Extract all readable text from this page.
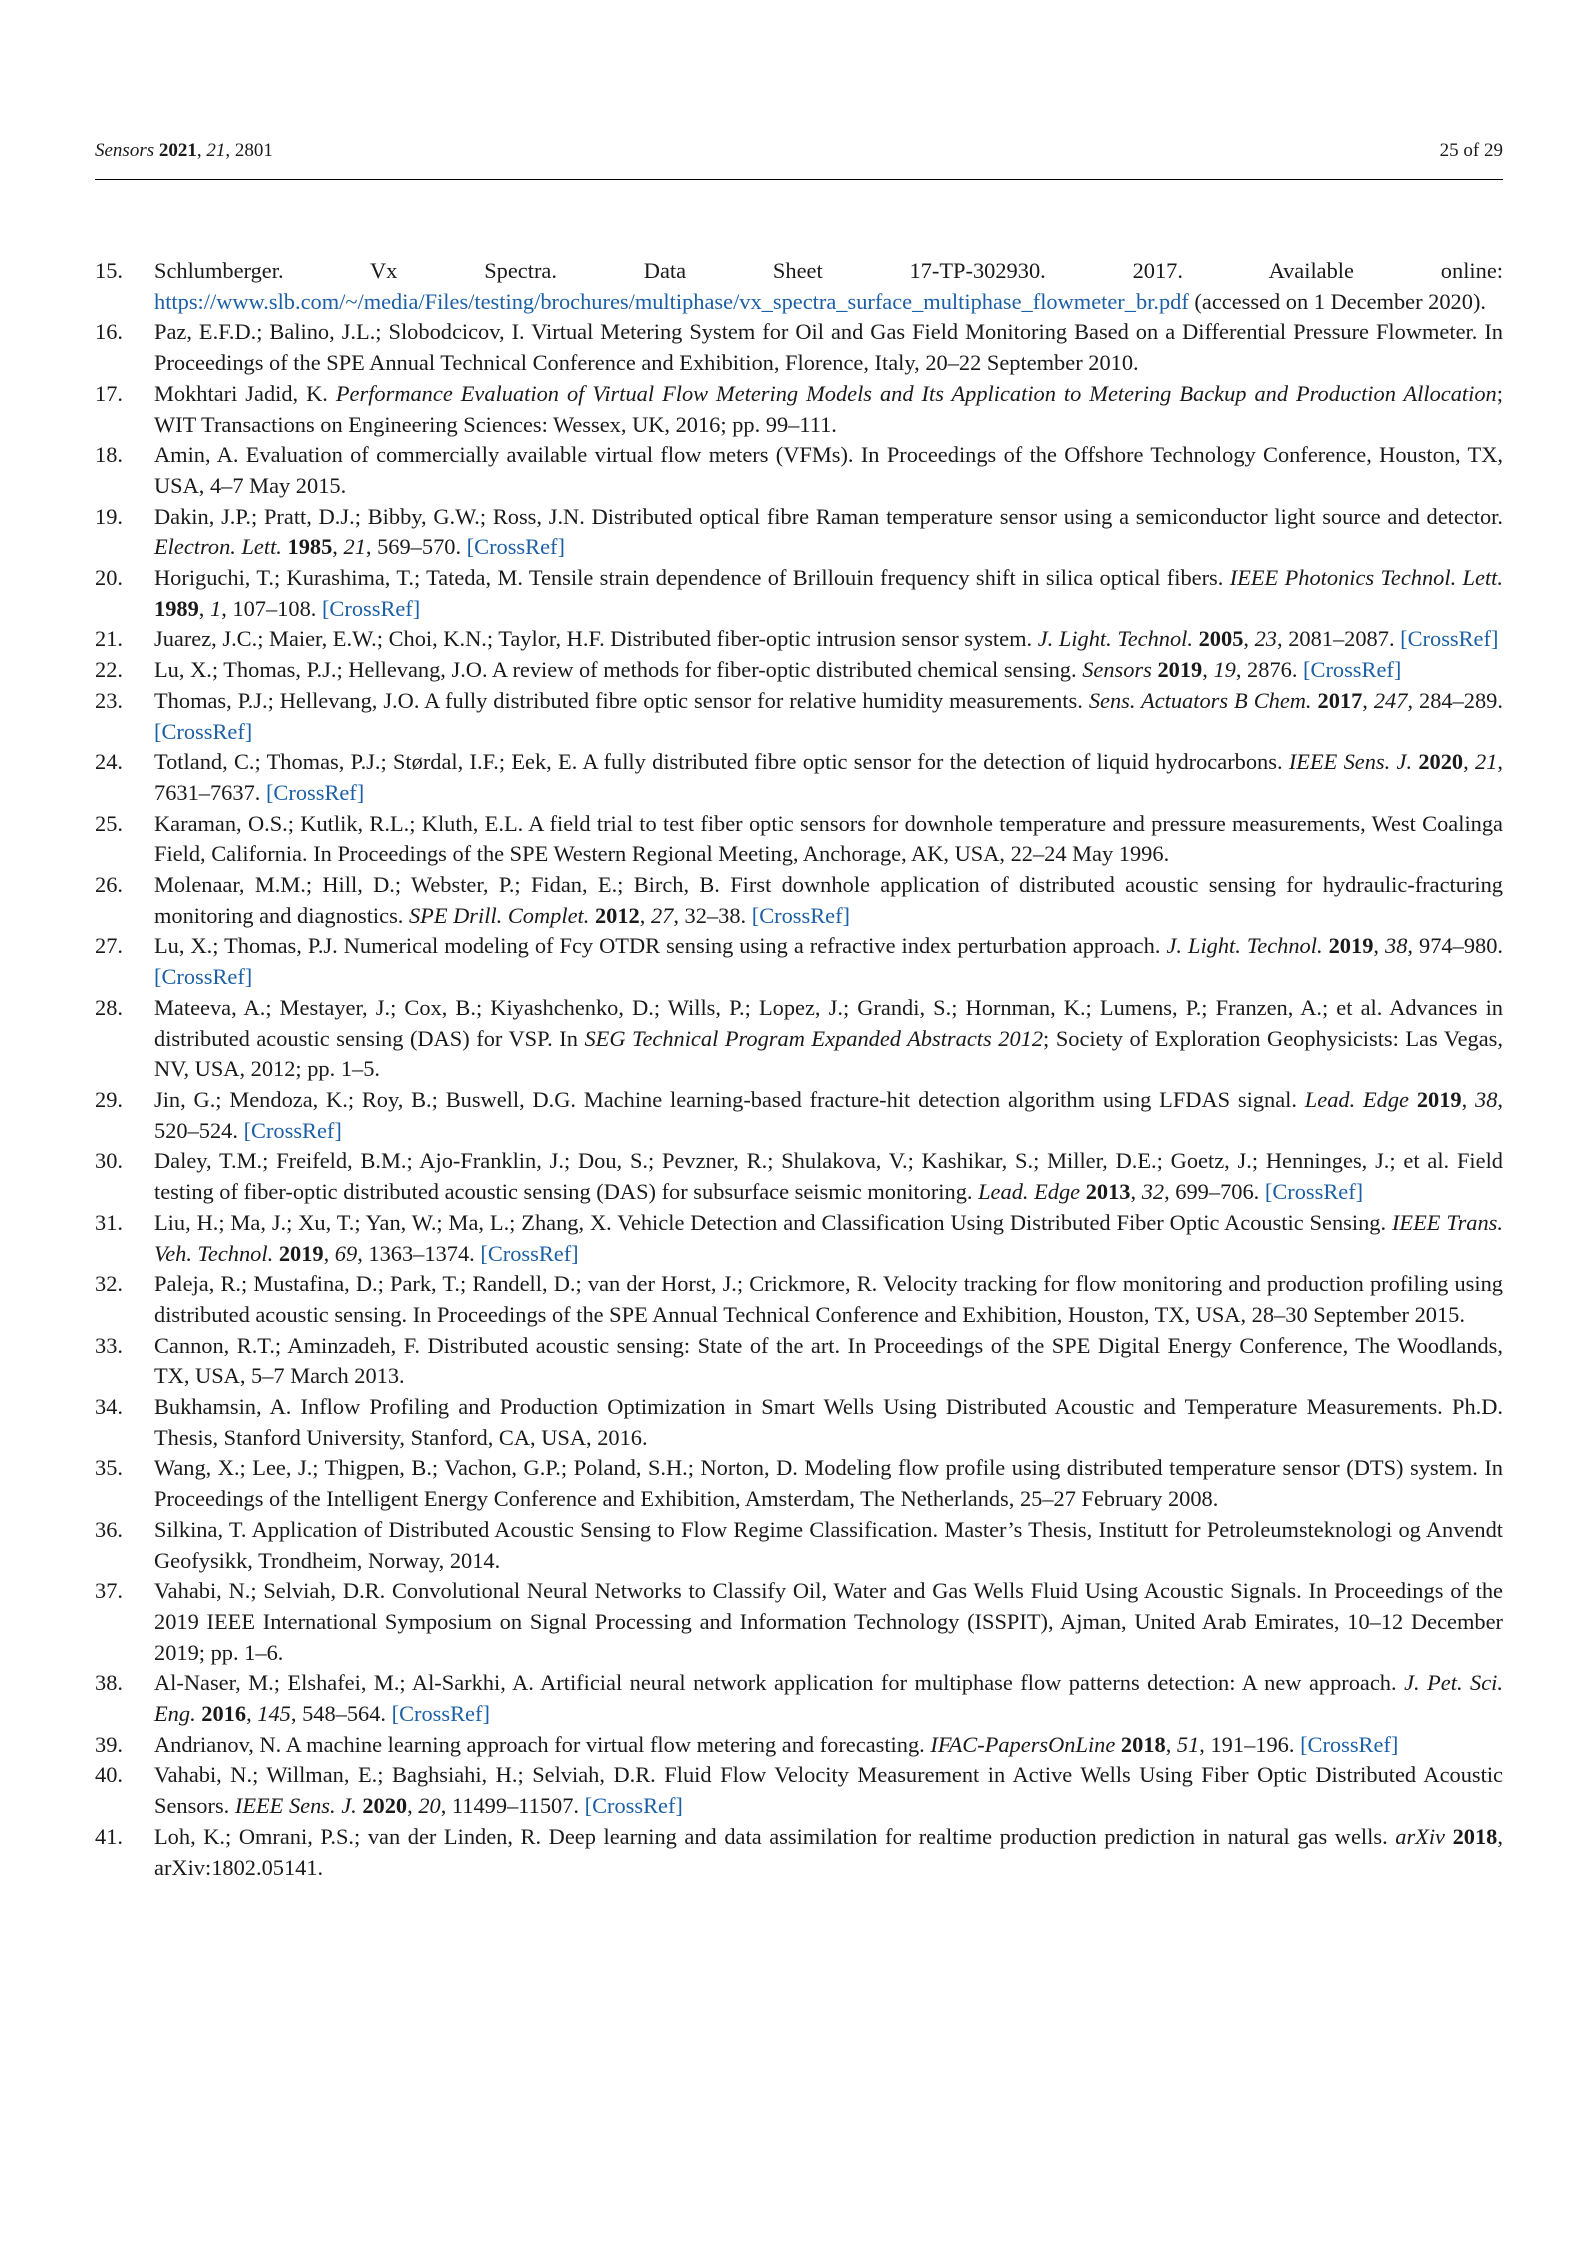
Sensors 2021, 21, 2801	25 of 29
15. Schlumberger. Vx Spectra. Data Sheet 17-TP-302930. 2017. Available online: https://www.slb.com/~/media/Files/testing/brochures/multiphase/vx_spectra_surface_multiphase_flowmeter_br.pdf (accessed on 1 December 2020).
16. Paz, E.F.D.; Balino, J.L.; Slobodcicov, I. Virtual Metering System for Oil and Gas Field Monitoring Based on a Differential Pressure Flowmeter. In Proceedings of the SPE Annual Technical Conference and Exhibition, Florence, Italy, 20–22 September 2010.
17. Mokhtari Jadid, K. Performance Evaluation of Virtual Flow Metering Models and Its Application to Metering Backup and Production Allocation; WIT Transactions on Engineering Sciences: Wessex, UK, 2016; pp. 99–111.
18. Amin, A. Evaluation of commercially available virtual flow meters (VFMs). In Proceedings of the Offshore Technology Conference, Houston, TX, USA, 4–7 May 2015.
19. Dakin, J.P.; Pratt, D.J.; Bibby, G.W.; Ross, J.N. Distributed optical fibre Raman temperature sensor using a semiconductor light source and detector. Electron. Lett. 1985, 21, 569–570. [CrossRef]
20. Horiguchi, T.; Kurashima, T.; Tateda, M. Tensile strain dependence of Brillouin frequency shift in silica optical fibers. IEEE Photonics Technol. Lett. 1989, 1, 107–108. [CrossRef]
21. Juarez, J.C.; Maier, E.W.; Choi, K.N.; Taylor, H.F. Distributed fiber-optic intrusion sensor system. J. Light. Technol. 2005, 23, 2081–2087. [CrossRef]
22. Lu, X.; Thomas, P.J.; Hellevang, J.O. A review of methods for fiber-optic distributed chemical sensing. Sensors 2019, 19, 2876. [CrossRef]
23. Thomas, P.J.; Hellevang, J.O. A fully distributed fibre optic sensor for relative humidity measurements. Sens. Actuators B Chem. 2017, 247, 284–289. [CrossRef]
24. Totland, C.; Thomas, P.J.; Størdal, I.F.; Eek, E. A fully distributed fibre optic sensor for the detection of liquid hydrocarbons. IEEE Sens. J. 2020, 21, 7631–7637. [CrossRef]
25. Karaman, O.S.; Kutlik, R.L.; Kluth, E.L. A field trial to test fiber optic sensors for downhole temperature and pressure measurements, West Coalinga Field, California. In Proceedings of the SPE Western Regional Meeting, Anchorage, AK, USA, 22–24 May 1996.
26. Molenaar, M.M.; Hill, D.; Webster, P.; Fidan, E.; Birch, B. First downhole application of distributed acoustic sensing for hydraulic-fracturing monitoring and diagnostics. SPE Drill. Complet. 2012, 27, 32–38. [CrossRef]
27. Lu, X.; Thomas, P.J. Numerical modeling of Fcy OTDR sensing using a refractive index perturbation approach. J. Light. Technol. 2019, 38, 974–980. [CrossRef]
28. Mateeva, A.; Mestayer, J.; Cox, B.; Kiyashchenko, D.; Wills, P.; Lopez, J.; Grandi, S.; Hornman, K.; Lumens, P.; Franzen, A.; et al. Advances in distributed acoustic sensing (DAS) for VSP. In SEG Technical Program Expanded Abstracts 2012; Society of Exploration Geophysicists: Las Vegas, NV, USA, 2012; pp. 1–5.
29. Jin, G.; Mendoza, K.; Roy, B.; Buswell, D.G. Machine learning-based fracture-hit detection algorithm using LFDAS signal. Lead. Edge 2019, 38, 520–524. [CrossRef]
30. Daley, T.M.; Freifeld, B.M.; Ajo-Franklin, J.; Dou, S.; Pevzner, R.; Shulakova, V.; Kashikar, S.; Miller, D.E.; Goetz, J.; Henninges, J.; et al. Field testing of fiber-optic distributed acoustic sensing (DAS) for subsurface seismic monitoring. Lead. Edge 2013, 32, 699–706. [CrossRef]
31. Liu, H.; Ma, J.; Xu, T.; Yan, W.; Ma, L.; Zhang, X. Vehicle Detection and Classification Using Distributed Fiber Optic Acoustic Sensing. IEEE Trans. Veh. Technol. 2019, 69, 1363–1374. [CrossRef]
32. Paleja, R.; Mustafina, D.; Park, T.; Randell, D.; van der Horst, J.; Crickmore, R. Velocity tracking for flow monitoring and production profiling using distributed acoustic sensing. In Proceedings of the SPE Annual Technical Conference and Exhibition, Houston, TX, USA, 28–30 September 2015.
33. Cannon, R.T.; Aminzadeh, F. Distributed acoustic sensing: State of the art. In Proceedings of the SPE Digital Energy Conference, The Woodlands, TX, USA, 5–7 March 2013.
34. Bukhamsin, A. Inflow Profiling and Production Optimization in Smart Wells Using Distributed Acoustic and Temperature Measurements. Ph.D. Thesis, Stanford University, Stanford, CA, USA, 2016.
35. Wang, X.; Lee, J.; Thigpen, B.; Vachon, G.P.; Poland, S.H.; Norton, D. Modeling flow profile using distributed temperature sensor (DTS) system. In Proceedings of the Intelligent Energy Conference and Exhibition, Amsterdam, The Netherlands, 25–27 February 2008.
36. Silkina, T. Application of Distributed Acoustic Sensing to Flow Regime Classification. Master’s Thesis, Institutt for Petroleumsteknologi og Anvendt Geofysikk, Trondheim, Norway, 2014.
37. Vahabi, N.; Selviah, D.R. Convolutional Neural Networks to Classify Oil, Water and Gas Wells Fluid Using Acoustic Signals. In Proceedings of the 2019 IEEE International Symposium on Signal Processing and Information Technology (ISSPIT), Ajman, United Arab Emirates, 10–12 December 2019; pp. 1–6.
38. Al-Naser, M.; Elshafei, M.; Al-Sarkhi, A. Artificial neural network application for multiphase flow patterns detection: A new approach. J. Pet. Sci. Eng. 2016, 145, 548–564. [CrossRef]
39. Andrianov, N. A machine learning approach for virtual flow metering and forecasting. IFAC-PapersOnLine 2018, 51, 191–196. [CrossRef]
40. Vahabi, N.; Willman, E.; Baghsiahi, H.; Selviah, D.R. Fluid Flow Velocity Measurement in Active Wells Using Fiber Optic Distributed Acoustic Sensors. IEEE Sens. J. 2020, 20, 11499–11507. [CrossRef]
41. Loh, K.; Omrani, P.S.; van der Linden, R. Deep learning and data assimilation for realtime production prediction in natural gas wells. arXiv 2018, arXiv:1802.05141.
